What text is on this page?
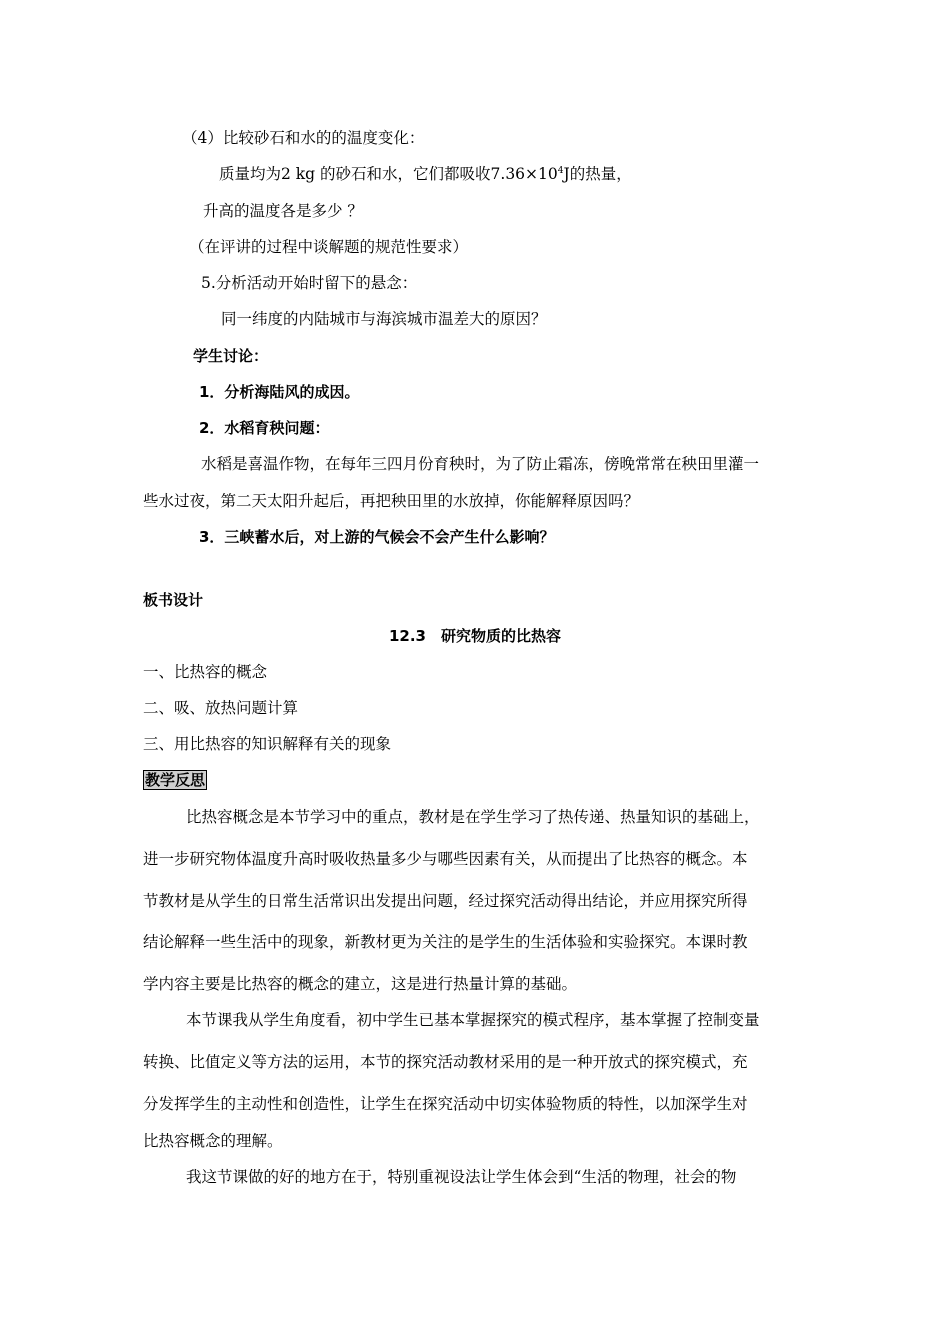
（4）比较砂石和水的的温度变化：
质量均为2 kg 的砂石和水，它们都吸收$7.36\times 10^4J$的热量，
升高的温度各是多少 ？
（在评讲的过程中谈解题的规范性要求）
5.分析活动开始时留下的悬念：
同一纬度的内陆城市与海滨城市温差大的原因？
学生讨论：
1．分析海陆风的成因。
2．水稻育秧问题：
水稻是喜温作物，在每年三四月份育秧时，为了防止霜冻，傍晚常常在秧田里灌一
些水过夜，第二天太阳升起后，再把秧田里的水放掉，你能解释原因吗？
3．三峡蓄水后，对上游的气候会不会产生什么影响？
板书设计
12.3　研究物质的比热容
一、比热容的概念
二、吸、放热问题计算
三、用比热容的知识解释有关的现象
教学反思
比热容概念是本节学习中的重点，教材是在学生学习了热传递、热量知识的基础上，
进一步研究物体温度升高时吸收热量多少与哪些因素有关，从而提出了比热容的概念。本
节教材是从学生的日常生活常识出发提出问题，经过探究活动得出结论，并应用探究所得
结论解释一些生活中的现象，新教材更为关注的是学生的生活体验和实验探究。本课时教
学内容主要是比热容的概念的建立，这是进行热量计算的基础。
本节课我从学生角度看，初中学生已基本掌握探究的模式程序，基本掌握了控制变量
转换、比值定义等方法的运用，本节的探究活动教材采用的是一种开放式的探究模式，充
分发挥学生的主动性和创造性，让学生在探究活动中切实体验物质的特性，以加深学生对
比热容概念的理解。
我这节课做的好的地方在于，特别重视设法让学生体会到“生活的物理，社会的物
